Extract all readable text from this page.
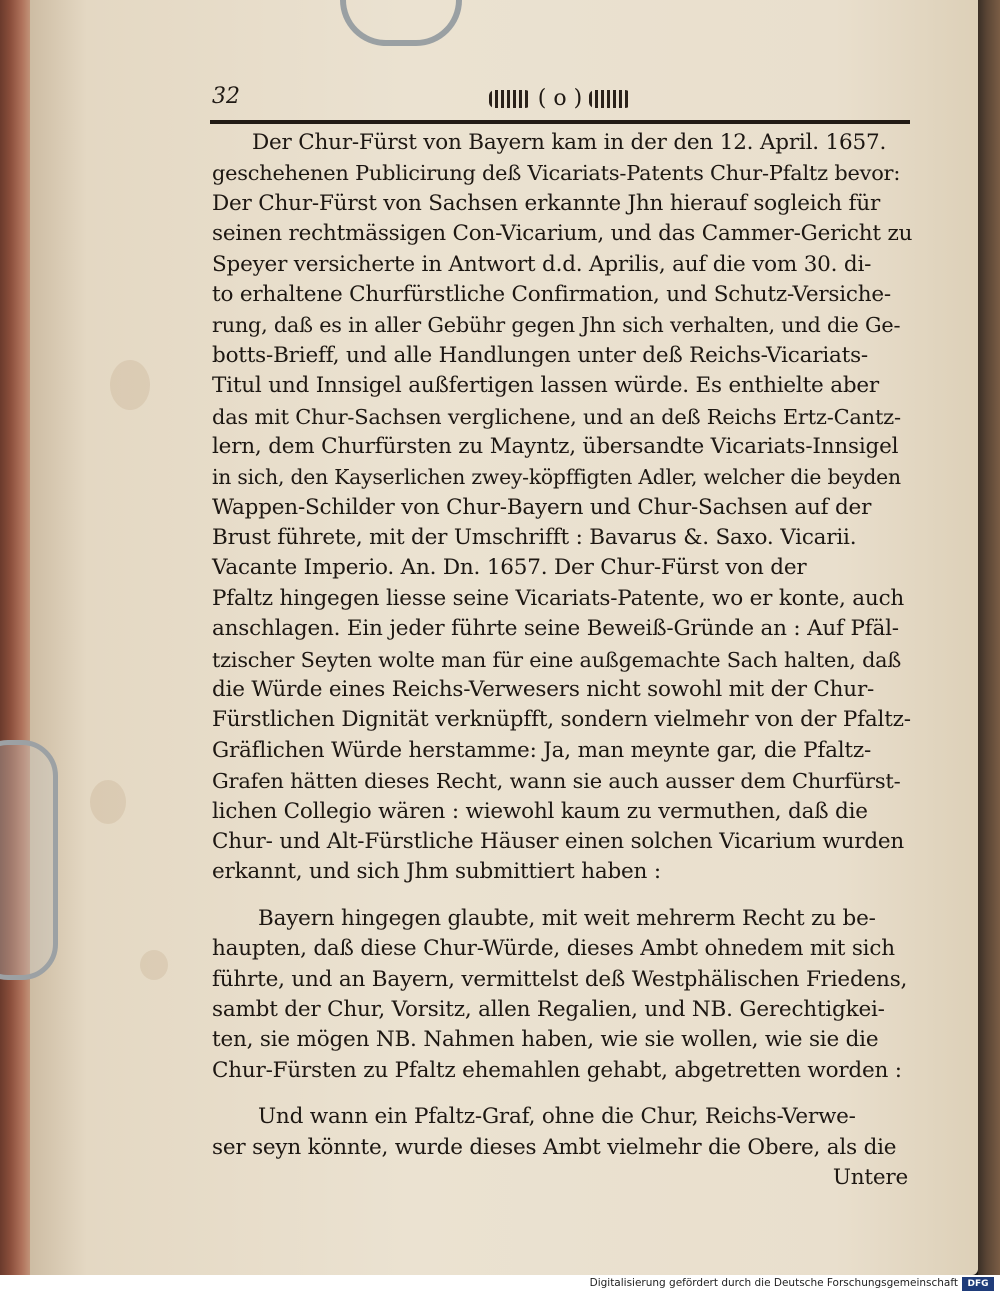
32	( o )
Der Chur-Fürst von Bayern kam in der den 12. April. 1657.
geschehenen Publicirung deß Vicariats-Patents Chur-Pfaltz bevor:
Der Chur-Fürst von Sachsen erkannte Jhn hierauf sogleich für
seinen rechtmässigen Con-Vicarium, und das Cammer-Gericht zu
Speyer versicherte in Antwort d.d. Aprilis, auf die vom 30. di-
to erhaltene Churfürstliche Confirmation, und Schutz-Versiche-
rung, daß es in aller Gebühr gegen Jhn sich verhalten, und die Ge-
botts-Brieff, und alle Handlungen unter deß Reichs-Vicariats-
Titul und Innsigel außfertigen lassen würde. Es enthielte aber
das mit Chur-Sachsen verglichene, und an deß Reichs Ertz-Cantz-
lern, dem Churfürsten zu Mayntz, übersandte Vicariats-Innsigel
in sich, den Kayserlichen zwey-köpffigten Adler, welcher die beyden
Wappen-Schilder von Chur-Bayern und Chur-Sachsen auf der
Brust führete, mit der Umschrifft : Bavarus &. Saxo. Vicarii.
Vacante Imperio. An. Dn. 1657. Der Chur-Fürst von der
Pfaltz hingegen liesse seine Vicariats-Patente, wo er konte, auch
anschlagen. Ein jeder führte seine Beweiß-Gründe an : Auf Pfäl-
tzischer Seyten wolte man für eine außgemachte Sach halten, daß
die Würde eines Reichs-Verwesers nicht sowohl mit der Chur-
Fürstlichen Dignität verknüpfft, sondern vielmehr von der Pfaltz-
Gräflichen Würde herstamme: Ja, man meynte gar, die Pfaltz-
Grafen hätten dieses Recht, wann sie auch ausser dem Churfürst-
lichen Collegio wären : wiewohl kaum zu vermuthen, daß die
Chur- und Alt-Fürstliche Häuser einen solchen Vicarium wurden
erkannt, und sich Jhm submittiert haben :
Bayern hingegen glaubte, mit weit mehrerm Recht zu be-
haupten, daß diese Chur-Würde, dieses Ambt ohnedem mit sich
führte, und an Bayern, vermittelst deß Westphälischen Friedens,
sambt der Chur, Vorsitz, allen Regalien, und NB. Gerechtigkei-
ten, sie mögen NB. Nahmen haben, wie sie wollen, wie sie die
Chur-Fürsten zu Pfaltz ehemahlen gehabt, abgetretten worden :
Und wann ein Pfaltz-Graf, ohne die Chur, Reichs-Verwe-
ser seyn könnte, wurde dieses Ambt vielmehr die Obere, als die
Untere
Digitalisierung gefördert durch die Deutsche Forschungsgemeinschaft	DFG
